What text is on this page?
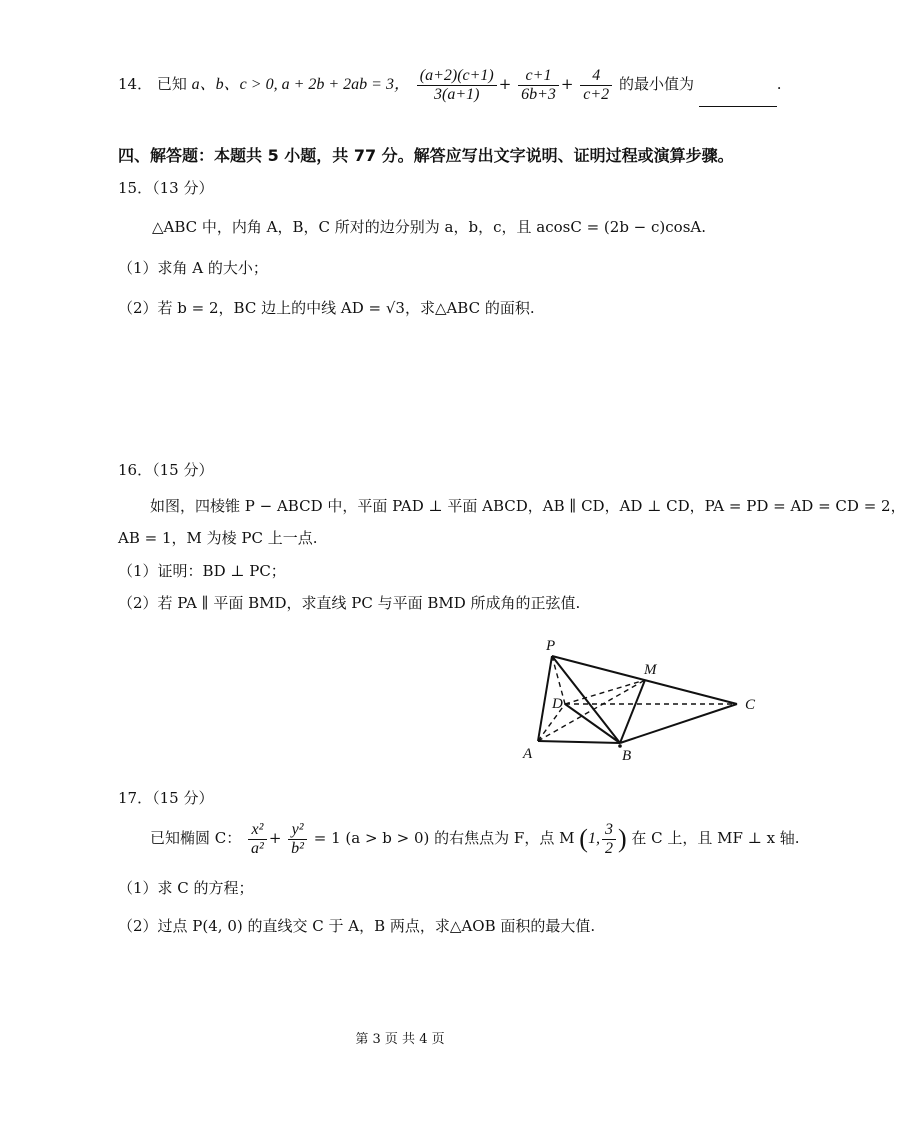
14． 已知 a、b、c > 0, a + 2b + 2ab = 3， $\frac{(a+2)(c+1)}{3(a+1)} + \frac{c+1}{6b+3} + \frac{4}{c+2}$ 的最小值为	.
四、解答题：本题共 5 小题，共 77 分。解答应写出文字说明、证明过程或演算步骤。
15．（13 分）
△ABC 中，内角 A，B，C 所对的边分别为 a，b，c，且 acosC = (2b − c)cosA.
（1）求角 A 的大小；
（2）若 b = 2，BC 边上的中线 AD = √3，求△ABC 的面积.
16．（15 分）
如图，四棱锥 P − ABCD 中，平面 PAD ⊥ 平面 ABCD，AB ∥ CD，AD ⊥ CD，PA = PD = AD = CD = 2，
AB = 1，M 为棱 PC 上一点.
（1）证明：BD ⊥ PC；
（2）若 PA ∥ 平面 BMD，求直线 PC 与平面 BMD 所成角的正弦值.
P
M
D	C
A	B
17．（15 分）
已知椭圆 C： $\frac{\text{x²}}{\text{a²}} + \frac{\text{y²}}{\text{b²}} = 1$ (a > b > 0) 的右焦点为 F，点 M (1, $\frac{3}{2}$ ) 在 C 上，且 MF ⊥ x 轴.
（1）求 C 的方程；
（2）过点 P(4, 0) 的直线交 C 于 A，B 两点，求△AOB 面积的最大值.
第 3 页 共 4 页
